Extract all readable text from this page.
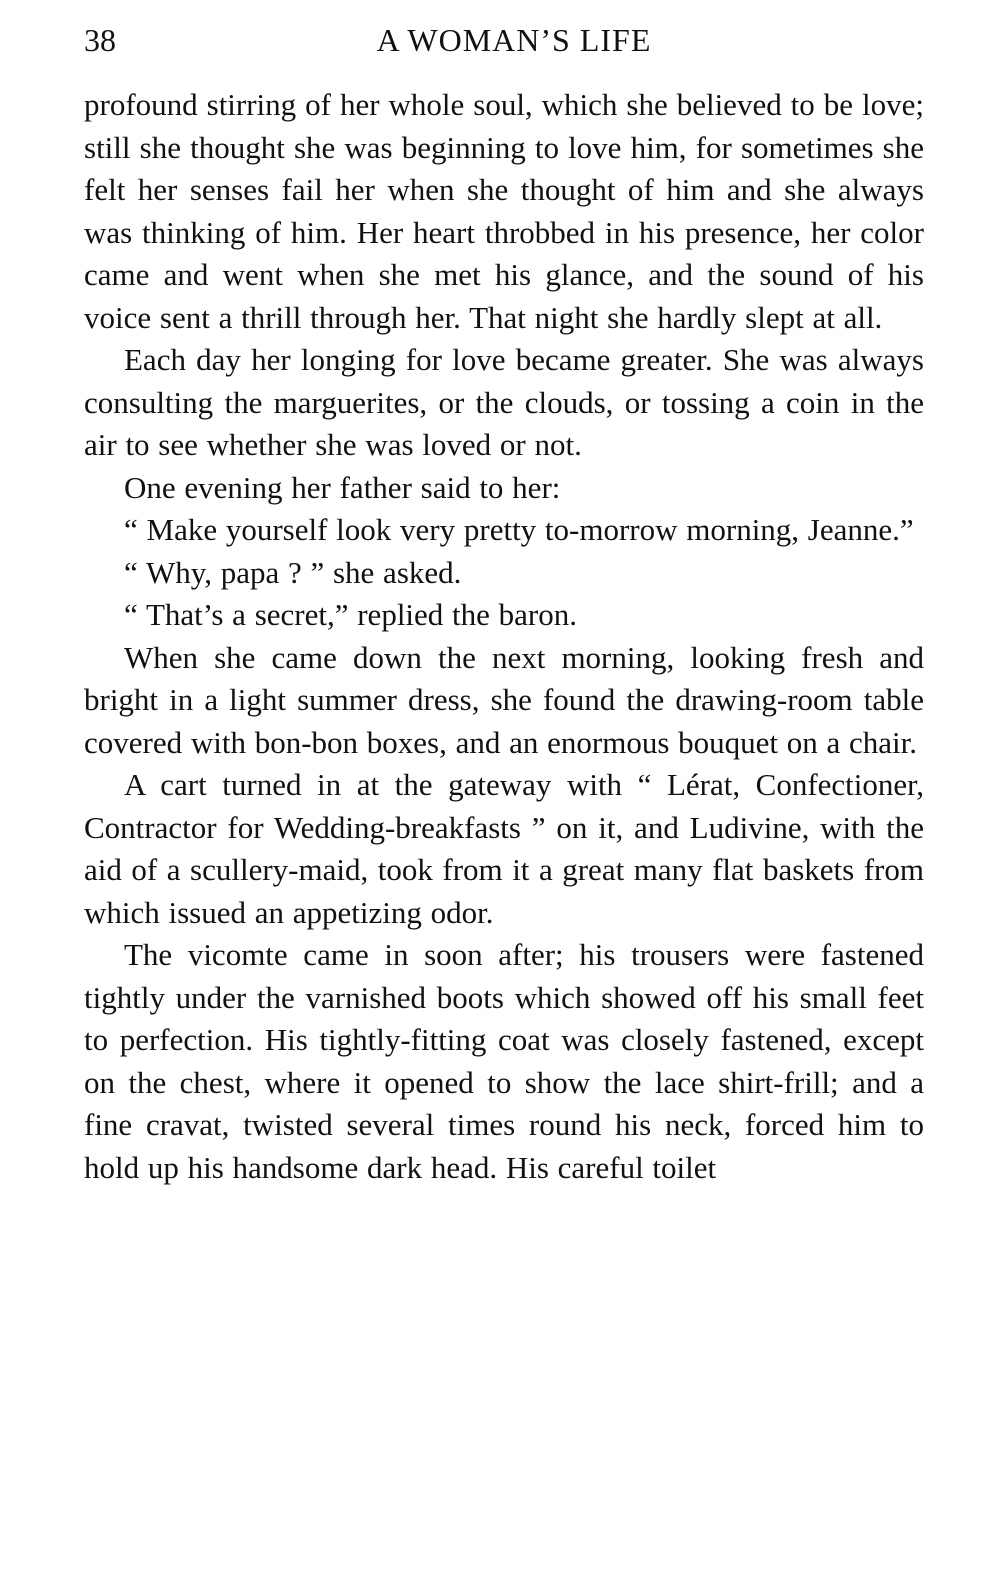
38	A WOMAN’S LIFE

profound stirring of her whole soul, which she believed to be love; still she thought she was beginning to love him, for sometimes she felt her senses fail her when she thought of him and she always was thinking of him. Her heart throbbed in his presence, her color came and went when she met his glance, and the sound of his voice sent a thrill through her. That night she hardly slept at all.

Each day her longing for love became greater. She was always consulting the marguerites, or the clouds, or tossing a coin in the air to see whether she was loved or not.

One evening her father said to her:

“ Make yourself look very pretty to-morrow morning, Jeanne.”

“ Why, papa ? ” she asked.

“ That’s a secret,” replied the baron.

When she came down the next morning, looking fresh and bright in a light summer dress, she found the drawing-room table covered with bon-bon boxes, and an enormous bouquet on a chair.

A cart turned in at the gateway with “ Lérat, Confectioner, Contractor for Wedding-breakfasts ” on it, and Ludivine, with the aid of a scullery-maid, took from it a great many flat baskets from which issued an appetizing odor.

The vicomte came in soon after; his trousers were fastened tightly under the varnished boots which showed off his small feet to perfection. His tightly-fitting coat was closely fastened, except on the chest, where it opened to show the lace shirt-frill; and a fine cravat, twisted several times round his neck, forced him to hold up his handsome dark head. His careful toilet
